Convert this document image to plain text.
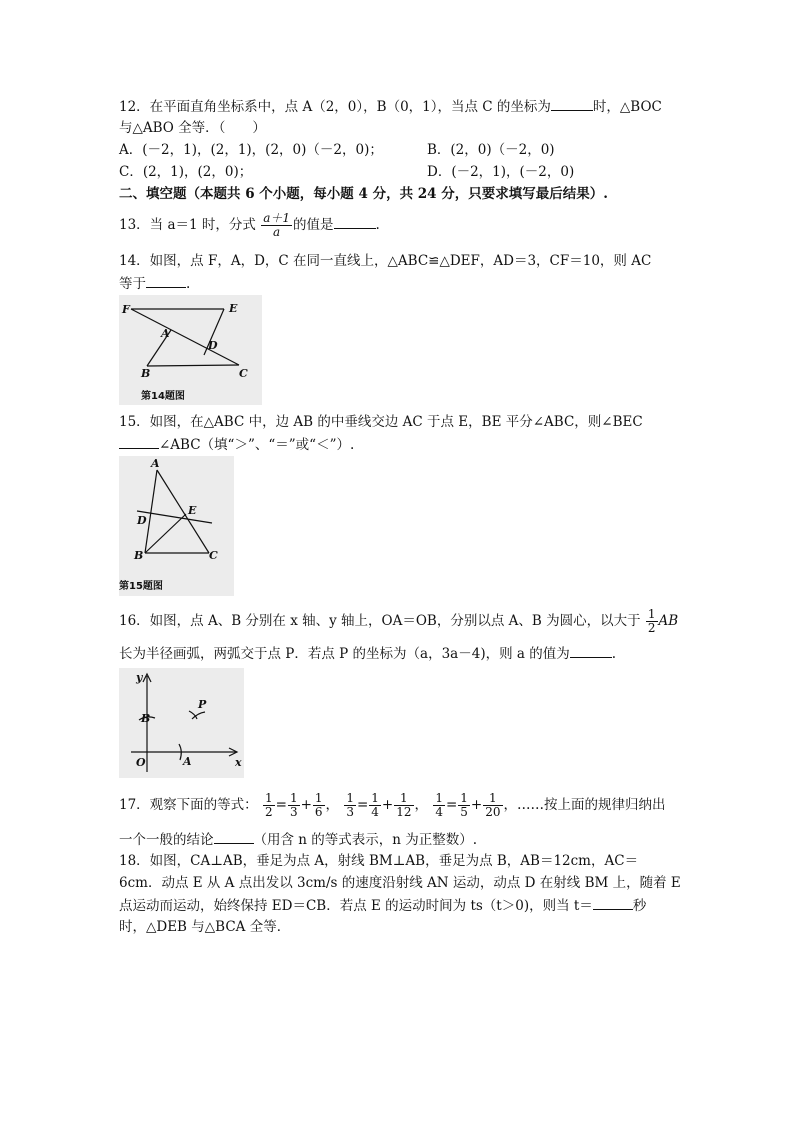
12．在平面直角坐标系中，点 A（2，0），B（0，1），当点 C 的坐标为	时，△BOC
与△ABO 全等．（　　）
A．(－2，1)，(2，1)，(2，0)（－2，0)；	B．(2，0)（－2，0)
C．(2，1)，(2，0)；	D．(－2，1)，(－2，0)
二、填空题（本题共 6 个小题，每小题 4 分，共 24 分，只要求填写最后结果）.
13．当 a＝1 时，分式 $\frac{a+1}{a}$ 的值是	.
14．如图，点 F，A，D，C 在同一直线上，△ABC≌△DEF，AD＝3，CF＝10，则 AC
等于	.
F	E
A
D
B	C
第14题图
15．如图，在△ABC 中，边 AB 的中垂线交边 AC 于点 E，BE 平分∠ABC，则∠BEC
∠ABC（填“＞”、“＝”或“＜”）.
A
D
E
B	C
第15题图
16．如图，点 A、B 分别在 x 轴、y 轴上，OA＝OB，分别以点 A、B 为圆心，以大于 $\frac{1}{2}$ AB
长为半径画弧，两弧交于点 P．若点 P 的坐标为（a，3a－4)，则 a 的值为	.
y
x
O	A
B
P
17．观察下面的等式： $\frac{1}{2} = \frac{1}{3} + \frac{1}{6}$ ， $\frac{1}{3} = \frac{1}{4} + \frac{1}{12}$ ， $\frac{1}{4} = \frac{1}{5} + \frac{1}{20}$ ，……按上面的规律归纳出
一个一般的结论	（用含 n 的等式表示，n 为正整数）.
18．如图，CA⊥AB，垂足为点 A，射线 BM⊥AB，垂足为点 B，AB＝12cm，AC＝
6cm．动点 E 从 A 点出发以 3cm/s 的速度沿射线 AN 运动，动点 D 在射线 BM 上，随着 E
点运动而运动，始终保持 ED＝CB．若点 E 的运动时间为 ts（t＞0)，则当 t＝	秒
时，△DEB 与△BCA 全等．
